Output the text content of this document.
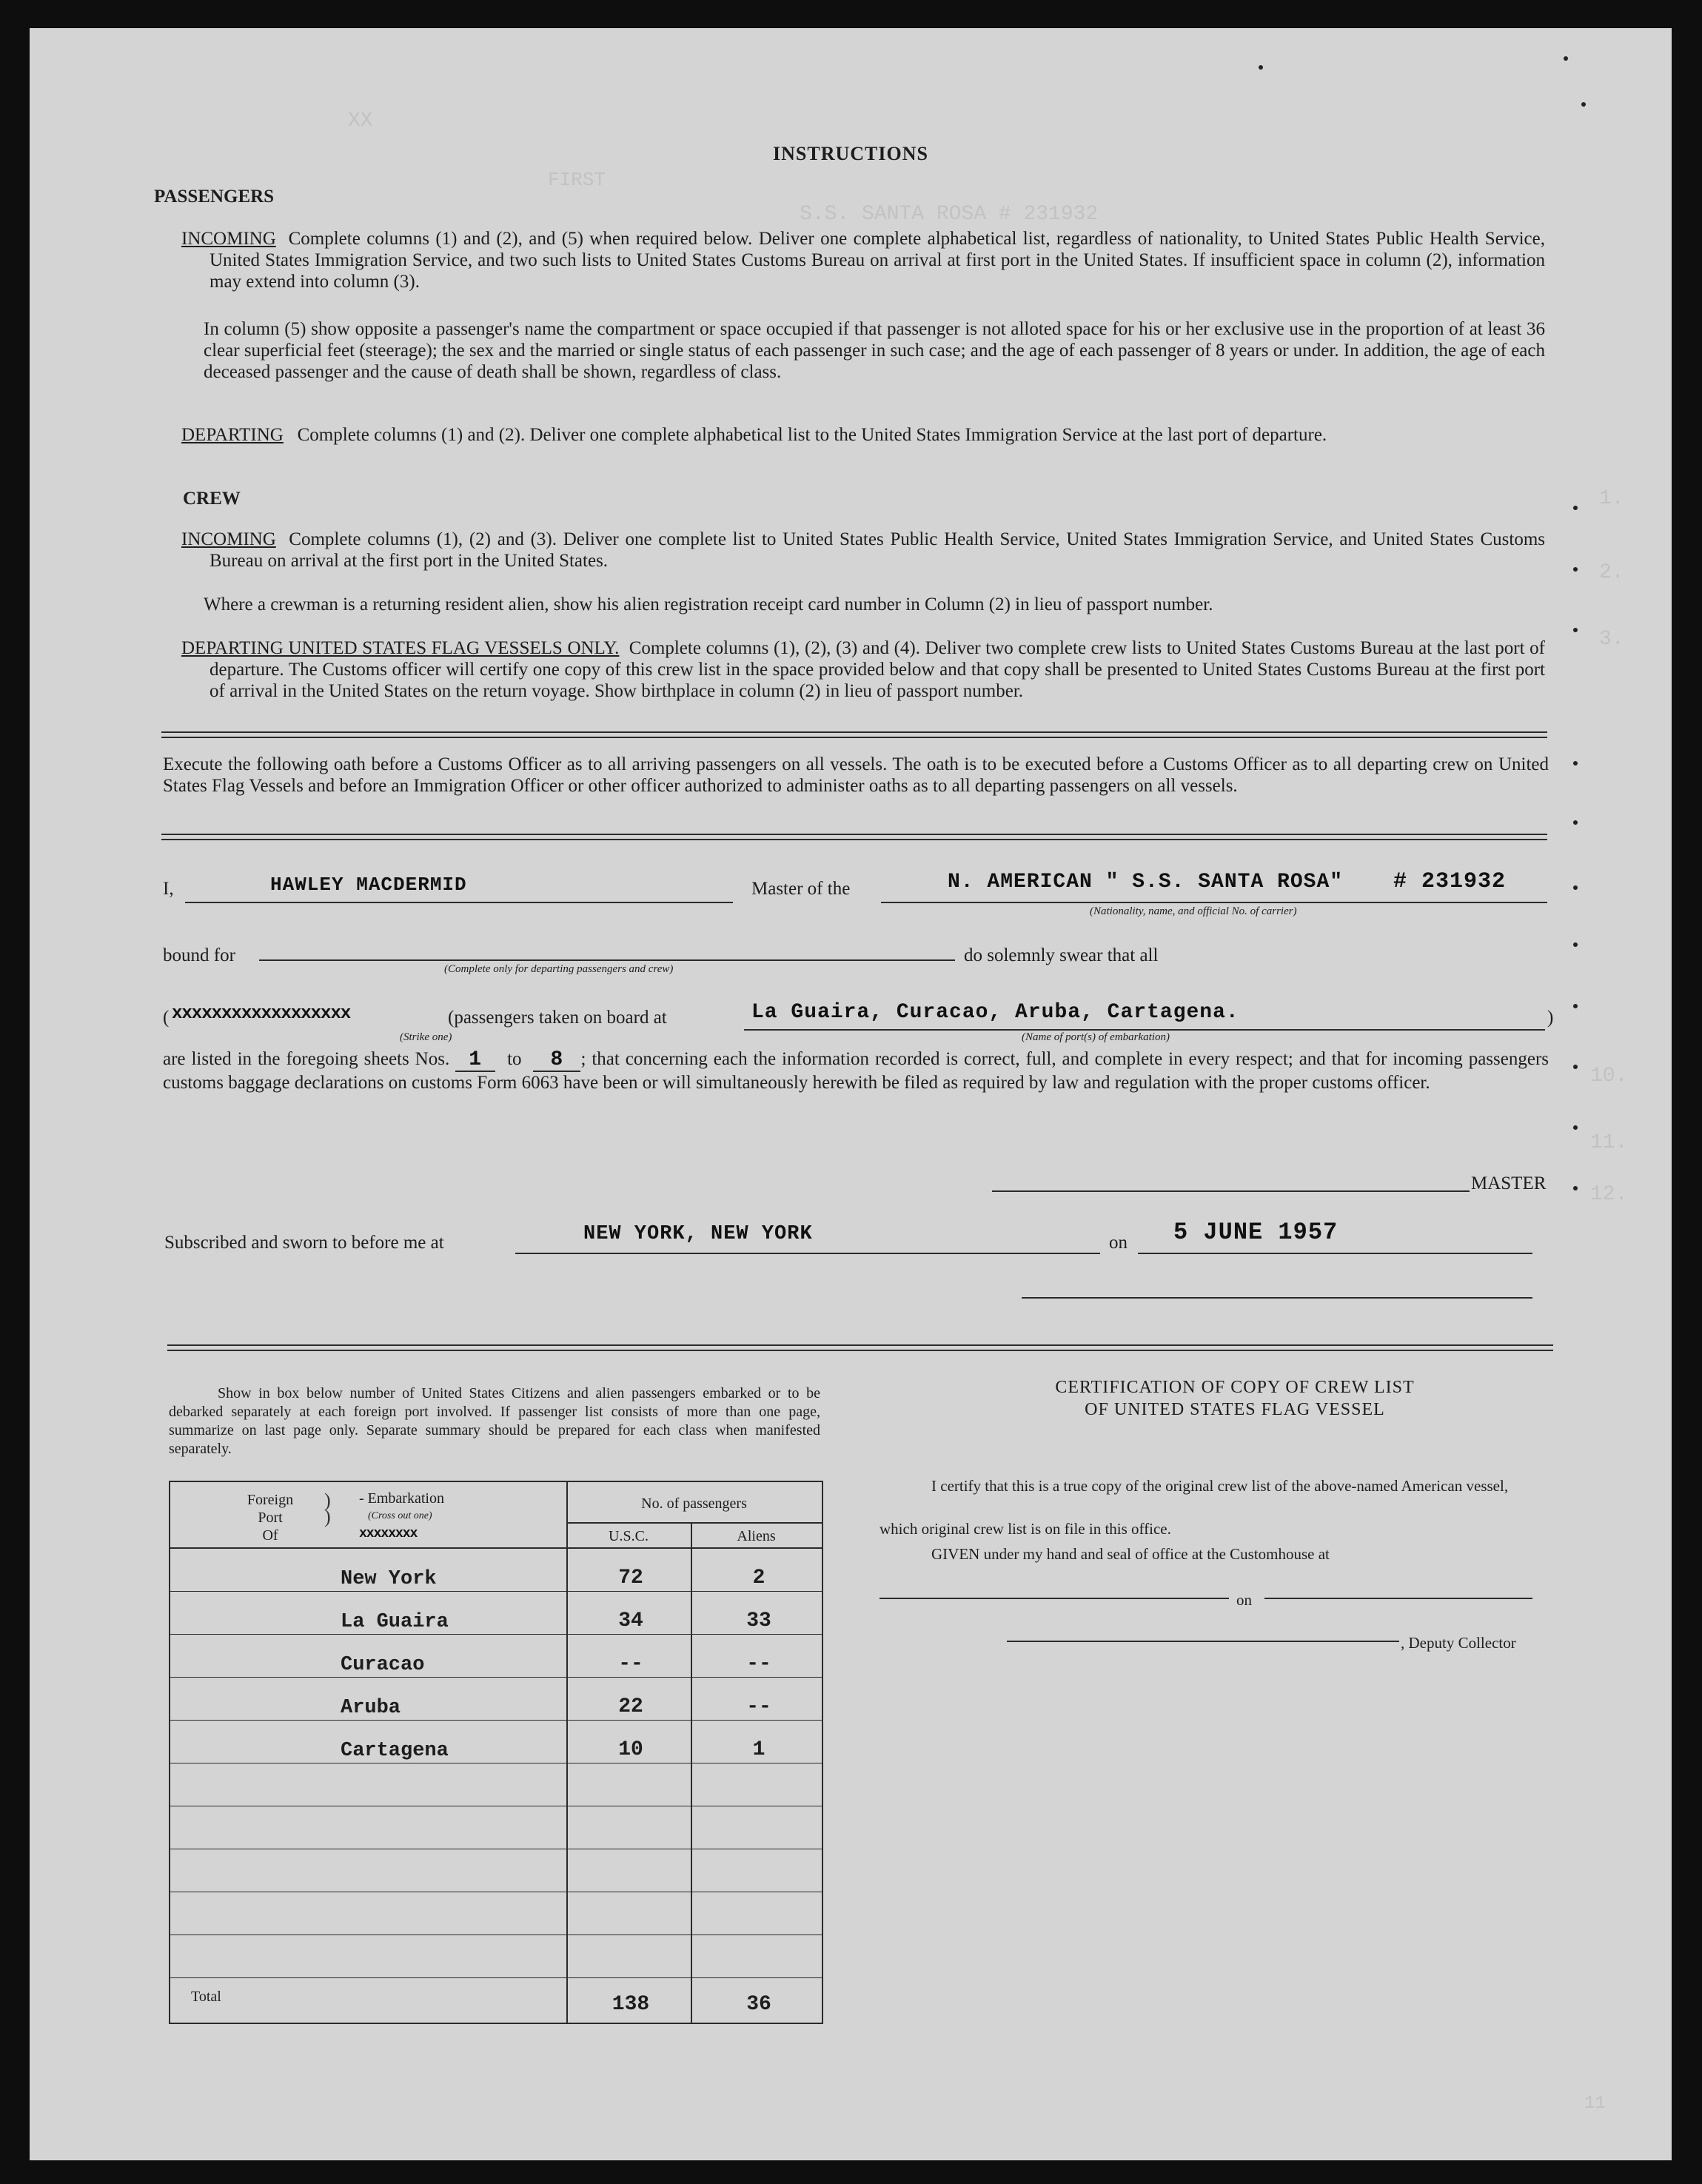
XX
FIRST
S.S. SANTA ROSA # 231932
1.
2.
3.
10.
11.
12.
11
INSTRUCTIONS
PASSENGERS
INCOMING Complete columns (1) and (2), and (5) when required below. Deliver one complete alphabetical list, regardless of nationality, to United States Public Health Service, United States Immigration Service, and two such lists to United States Customs Bureau on arrival at first port in the United States. If insufficient space in column (2), information may extend into column (3).
In column (5) show opposite a passenger's name the compartment or space occupied if that passenger is not alloted space for his or her exclusive use in the proportion of at least 36 clear superficial feet (steerage); the sex and the married or single status of each passenger in such case; and the age of each passenger of 8 years or under. In addition, the age of each deceased passenger and the cause of death shall be shown, regardless of class.
DEPARTING Complete columns (1) and (2). Deliver one complete alphabetical list to the United States Immigration Service at the last port of departure.
CREW
INCOMING Complete columns (1), (2) and (3). Deliver one complete list to United States Public Health Service, United States Immigration Service, and United States Customs Bureau on arrival at the first port in the United States.
Where a crewman is a returning resident alien, show his alien registration receipt card number in Column (2) in lieu of passport number.
DEPARTING UNITED STATES FLAG VESSELS ONLY. Complete columns (1), (2), (3) and (4). Deliver two complete crew lists to United States Customs Bureau at the last port of departure. The Customs officer will certify one copy of this crew list in the space provided below and that copy shall be presented to United States Customs Bureau at the first port of arrival in the United States on the return voyage. Show birthplace in column (2) in lieu of passport number.
Execute the following oath before a Customs Officer as to all arriving passengers on all vessels. The oath is to be executed before a Customs Officer as to all departing crew on United States Flag Vessels and before an Immigration Officer or other officer authorized to administer oaths as to all departing passengers on all vessels.
I,	HAWLEY MACDERMID	Master of the	N. AMERICAN " S.S. SANTA ROSA" # 231932
(Nationality, name, and official No. of carrier)
bound for
(Complete only for departing passengers and crew)
do solemnly swear that all
( xxxxxxxxxxxxxxxxxx
(Strike one)
(passengers taken on board at	La Guaira, Curacao, Aruba, Cartagena.
(Name of port(s) of embarkation)
)
are listed in the foregoing sheets Nos. 1 to 8 ; that concerning each the information recorded is correct, full, and complete in every respect; and that for incoming passengers customs baggage declarations on customs Form 6063 have been or will simultaneously herewith be filed as required by law and regulation with the proper customs officer.
MASTER
Subscribed and sworn to before me at	NEW YORK, NEW YORK	on 5 JUNE 1957
Show in box below number of United States Citizens and alien passengers embarked or to be debarked separately at each foreign port involved. If passenger list consists of more than one page, summarize on last page only. Separate summary should be prepared for each class when manifested separately.
Foreign
Port
Of
)
)
- Embarkation
(Cross out one)
xxxxxxxx
No. of passengers
U.S.C.	Aliens
New York	72	2
La Guaira	34	33
Curacao	--	--
Aruba	22	--
Cartagena	10	1
Total	138	36
CERTIFICATION OF COPY OF CREW LIST
OF UNITED STATES FLAG VESSEL
I certify that this is a true copy of the original crew list of the above-named American vessel, which original crew list is on file in this office.
GIVEN under my hand and seal of office at the Customhouse at
on
, Deputy Collector
